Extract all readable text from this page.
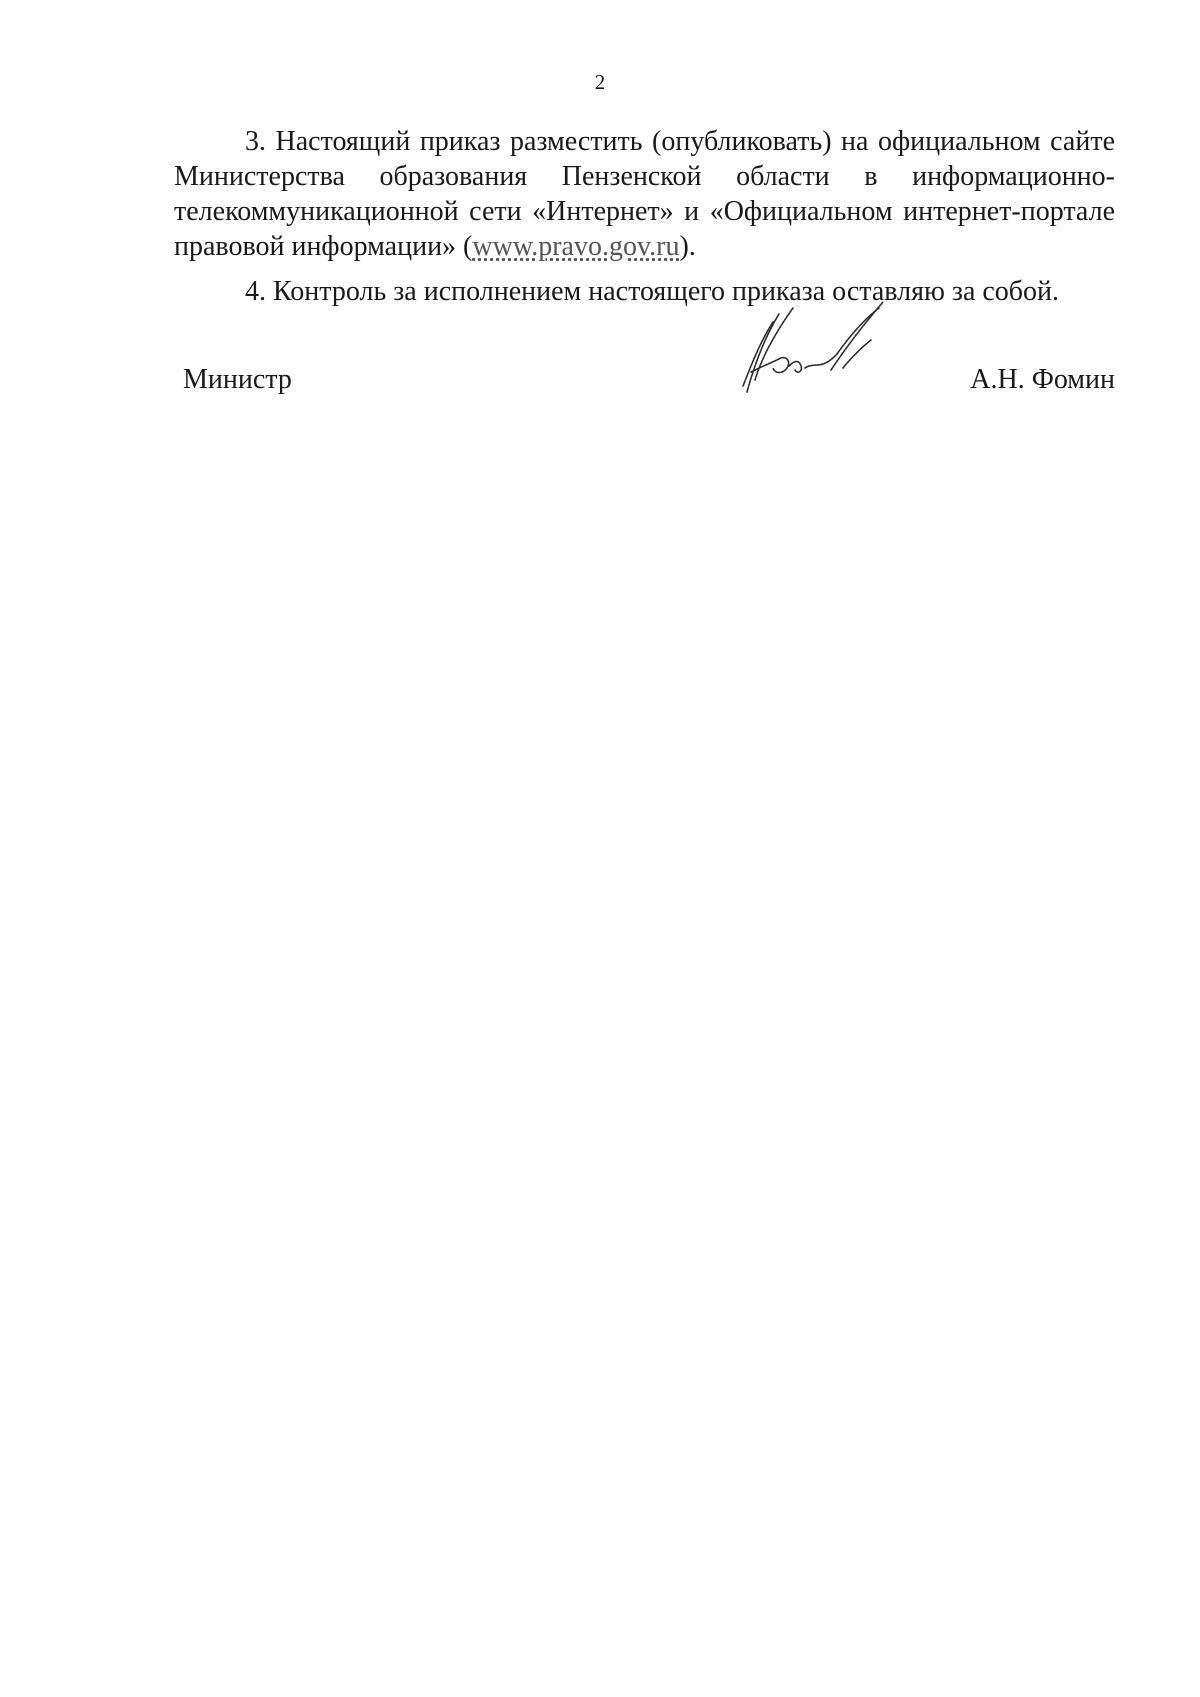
2

3. Настоящий приказ разместить (опубликовать) на официальном сайте Министерства образования Пензенской области в информационно-телекоммуникационной сети «Интернет» и «Официальном интернет-портале правовой информации» (www.pravo.gov.ru).

4. Контроль за исполнением настоящего приказа оставляю за собой.

Министр	А.Н. Фомин
